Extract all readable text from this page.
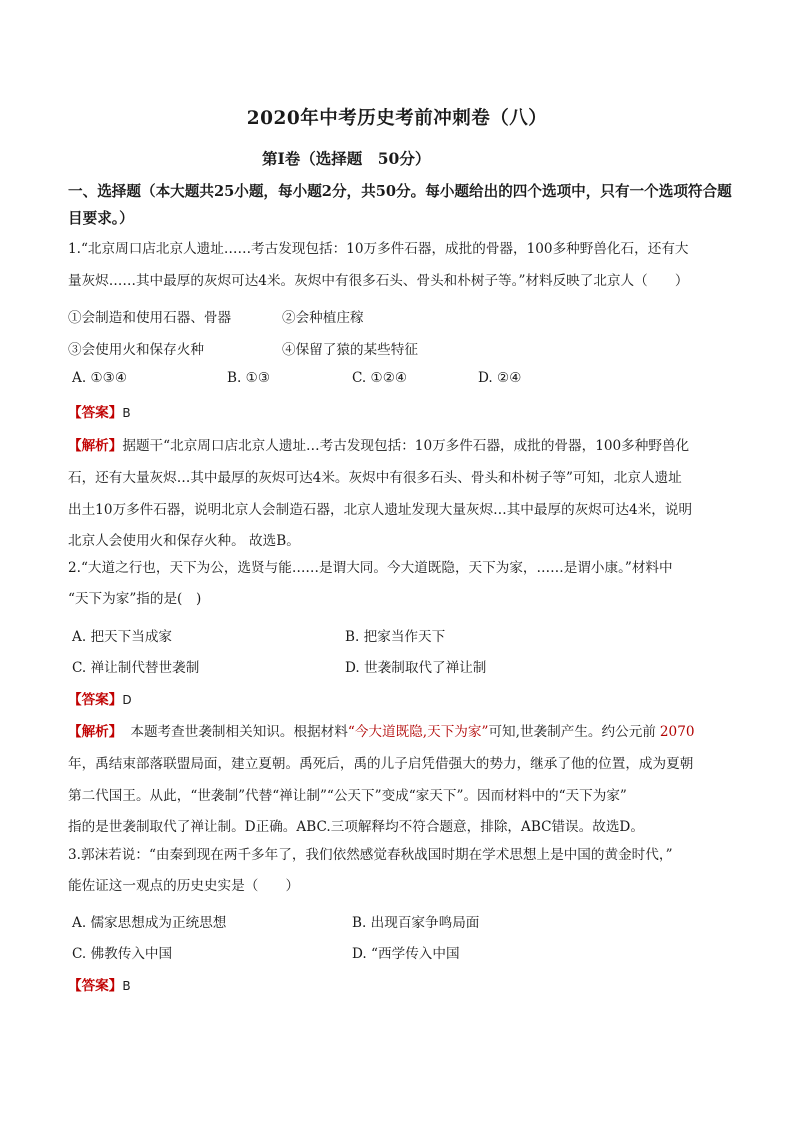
2020年中考历史考前冲刺卷（八）
第Ⅰ卷（选择题　50分）
一、选择题（本大题共25小题，每小题2分，共50分。每小题给出的四个选项中，只有一个选项符合题
目要求。）
1.“北京周口店北京人遗址……考古发现包括：10万多件石器，成批的骨器，100多种野兽化石，还有大
量灰烬……其中最厚的灰烬可达4米。灰烬中有很多石头、骨头和朴树子等。”材料反映了北京人（　　）
①会制造和使用石器、骨器	②会种植庄稼
③会使用火和保存火种	④保留了猿的某些特征
A. ①③④	B. ①③	C. ①②④	D. ②④
【答案】B
【解析】据题干“北京周口店北京人遗址…考古发现包括：10万多件石器，成批的骨器，100多种野兽化
石，还有大量灰烬…其中最厚的灰烬可达4米。灰烬中有很多石头、骨头和朴树子等”可知，北京人遗址
出土10万多件石器，说明北京人会制造石器，北京人遗址发现大量灰烬…其中最厚的灰烬可达4米，说明
北京人会使用火和保存火种。 故选B。
2.“大道之行也，天下为公，选贤与能……是谓大同。今大道既隐，天下为家，……是谓小康。”材料中
“天下为家”指的是(　)
A. 把天下当成家	B. 把家当作天下
C. 禅让制代替世袭制	D. 世袭制取代了禅让制
【答案】D
【解析】 本题考查世袭制相关知识。根据材料“今大道既隐,天下为家”可知,世袭制产生。约公元前 2070
年，禹结束部落联盟局面，建立夏朝。禹死后，禹的儿子启凭借强大的势力，继承了他的位置，成为夏朝
第二代国王。从此，“世袭制”代替“禅让制”“公天下”变成“家天下”。因而材料中的“天下为家”
指的是世袭制取代了禅让制。D正确。ABC.三项解释均不符合题意，排除，ABC错误。故选D。
3.郭沫若说：“由秦到现在两千多年了，我们依然感觉春秋战国时期在学术思想上是中国的黄金时代，”
能佐证这一观点的历史史实是（　　）
A. 儒家思想成为正统思想	B. 出现百家争鸣局面
C. 佛教传入中国	D. “西学传入中国
【答案】B
